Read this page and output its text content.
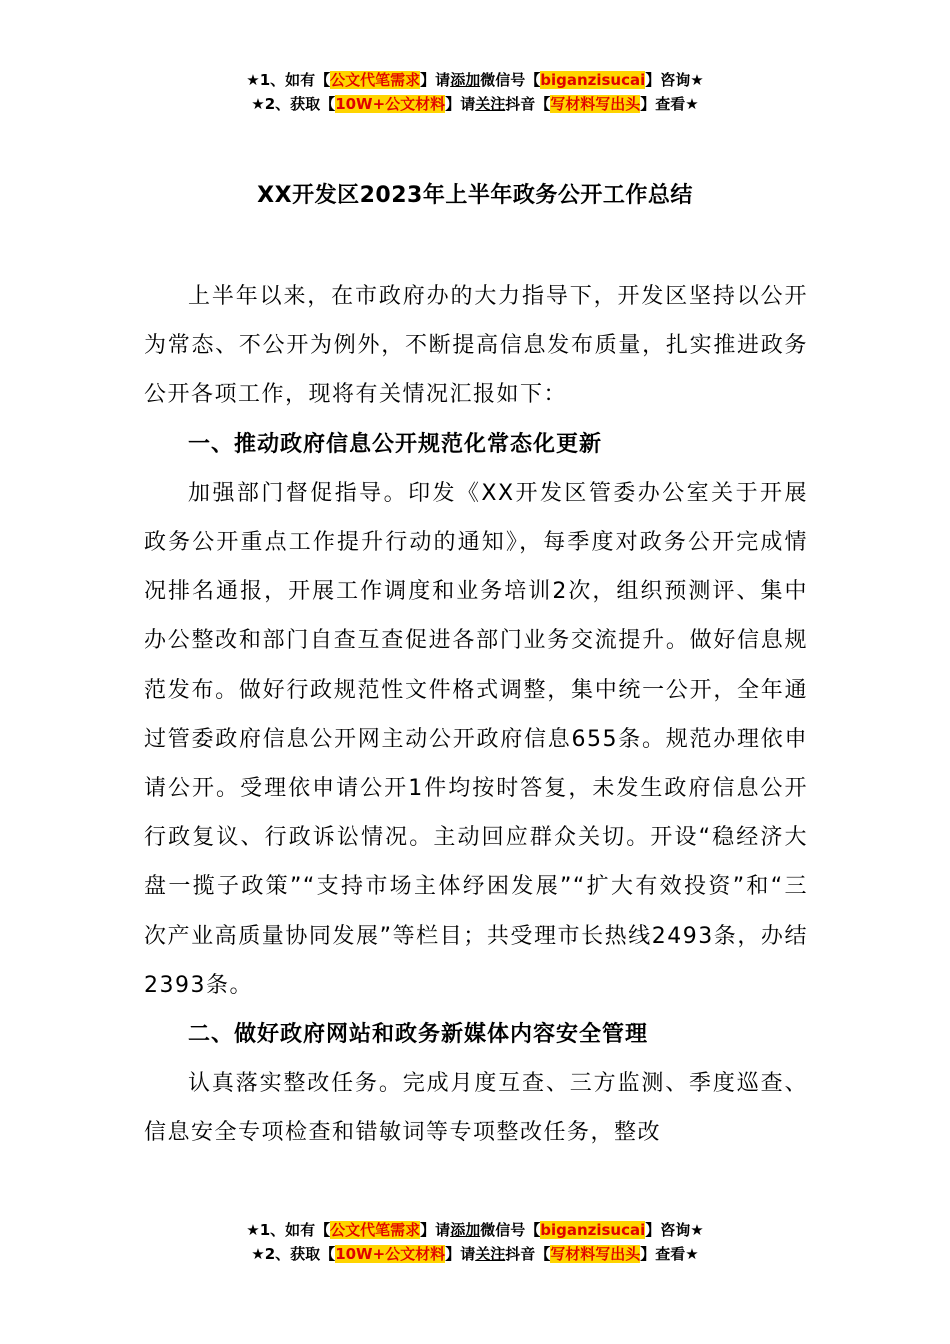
★1、如有【公文代笔需求】请添加微信号【biganzisucai】咨询★
★2、获取【10W+公文材料】请关注抖音【写材料写出头】查看★
XX开发区2023年上半年政务公开工作总结

上半年以来，在市政府办的大力指导下，开发区坚持以公开为常态、不公开为例外，不断提高信息发布质量，扎实推进政务公开各项工作，现将有关情况汇报如下：

一、推动政府信息公开规范化常态化更新

加强部门督促指导。印发《XX开发区管委办公室关于开展政务公开重点工作提升行动的通知》，每季度对政务公开完成情况排名通报，开展工作调度和业务培训2次，组织预测评、集中办公整改和部门自查互查促进各部门业务交流提升。做好信息规范发布。做好行政规范性文件格式调整，集中统一公开，全年通过管委政府信息公开网主动公开政府信息655条。规范办理依申请公开。受理依申请公开1件均按时答复，未发生政府信息公开行政复议、行政诉讼情况。主动回应群众关切。开设“稳经济大盘一揽子政策”“支持市场主体纾困发展”“扩大有效投资”和“三次产业高质量协同发展”等栏目；共受理市长热线2493条，办结2393条。

二、做好政府网站和政务新媒体内容安全管理

认真落实整改任务。完成月度互查、三方监测、季度巡查、信息安全专项检查和错敏词等专项整改任务，整改

★1、如有【公文代笔需求】请添加微信号【biganzisucai】咨询★
★2、获取【10W+公文材料】请关注抖音【写材料写出头】查看★
